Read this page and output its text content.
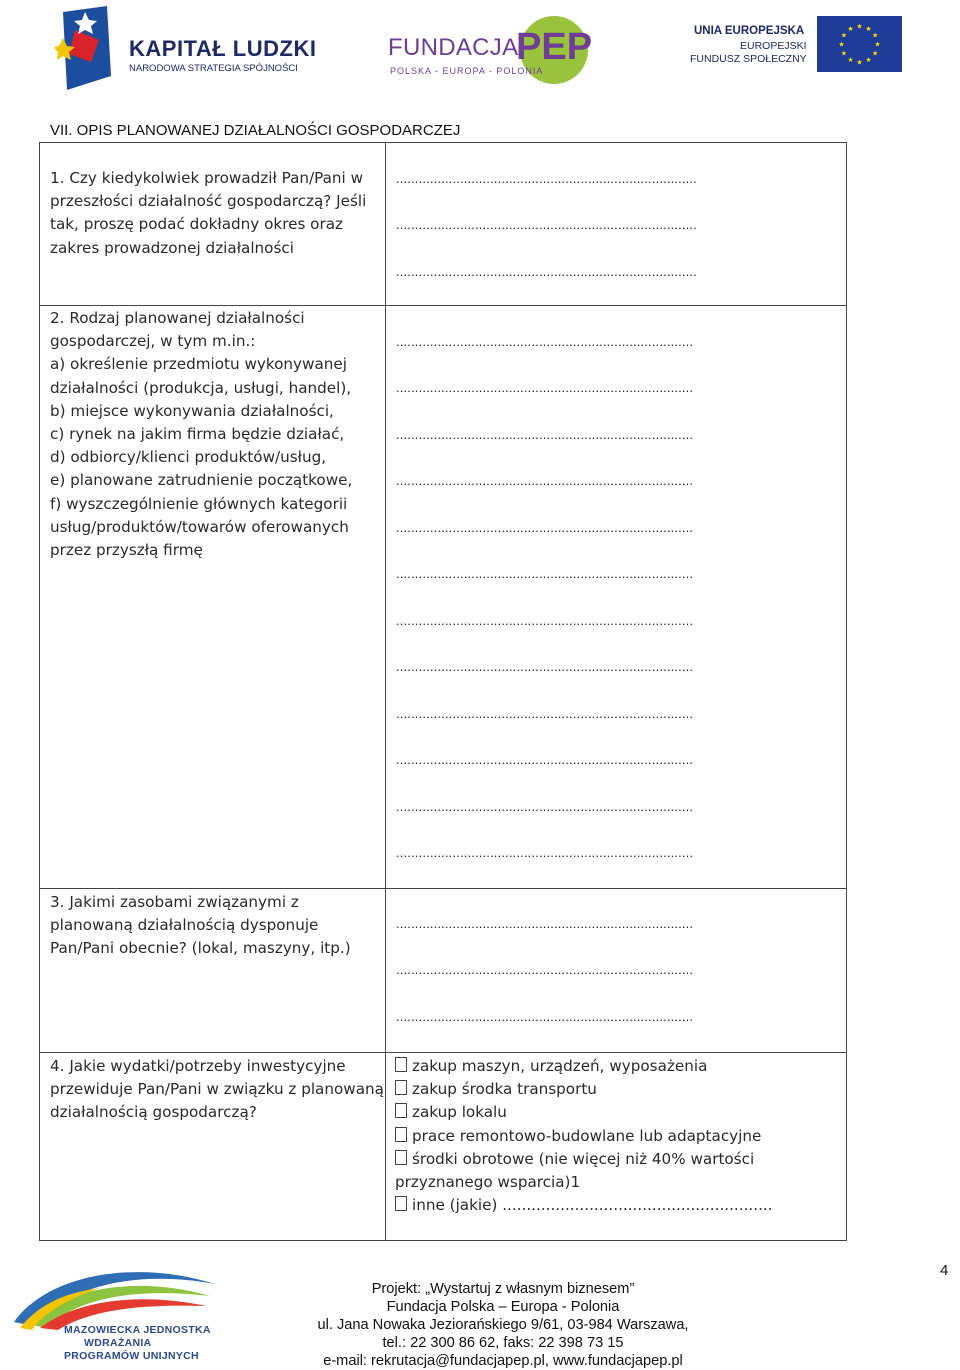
KAPITAŁ LUDZKI
NARODOWA STRATEGIA SPÓJNOŚCI
FUNDACJA
PEP
POLSKA - EUROPA - POLONIA
UNIA EUROPEJSKA
EUROPEJSKI
FUNDUSZ SPOŁECZNY
★
★
★
★
★
★
★
★
★ ★ ★
★
VII. OPIS PLANOWANEJ DZIAŁALNOŚCI GOSPODARCZEJ
1. Czy kiedykolwiek prowadził Pan/Pani w przeszłości działalność gospodarczą? Jeśli tak, proszę podać dokładny okres oraz zakres prowadzonej działalności
................................................................................
................................................................................
................................................................................
2. Rodzaj planowanej działalności gospodarczej, w tym m.in.:
a) określenie przedmiotu wykonywanej działalności (produkcja, usługi, handel),
b) miejsce wykonywania działalności,
c) rynek na jakim firma będzie działać,
d) odbiorcy/klienci produktów/usług,
e) planowane zatrudnienie początkowe,
f) wyszczególnienie głównych kategorii usług/produktów/towarów oferowanych przez przyszłą firmę
...............................................................................
...............................................................................
...............................................................................
...............................................................................
...............................................................................
...............................................................................
...............................................................................
...............................................................................
...............................................................................
...............................................................................
...............................................................................
...............................................................................
3. Jakimi zasobami związanymi z planowaną działalnością dysponuje Pan/Pani obecnie? (lokal, maszyny, itp.)
...............................................................................
...............................................................................
...............................................................................
4. Jakie wydatki/potrzeby inwestycyjne przewiduje Pan/Pani w związku z planowaną działalnością gospodarczą?
zakup maszyn, urządzeń, wyposażenia
zakup środka transportu
zakup lokalu
prace remontowo-budowlane lub adaptacyjne
środki obrotowe (nie więcej niż 40% wartości
przyznanego wsparcia)1
inne (jakie) ........................................................
MAZOWIECKA JEDNOSTKA
WDRAŻANIA
PROGRAMÓW UNIJNYCH
Projekt: „Wystartuj z własnym biznesem”
Fundacja Polska – Europa - Polonia
ul. Jana Nowaka Jeziorańskiego 9/61, 03-984 Warszawa,
tel.: 22 300 86 62, faks: 22 398 73 15
e-mail: rekrutacja@fundacjapep.pl, www.fundacjapep.pl
4
